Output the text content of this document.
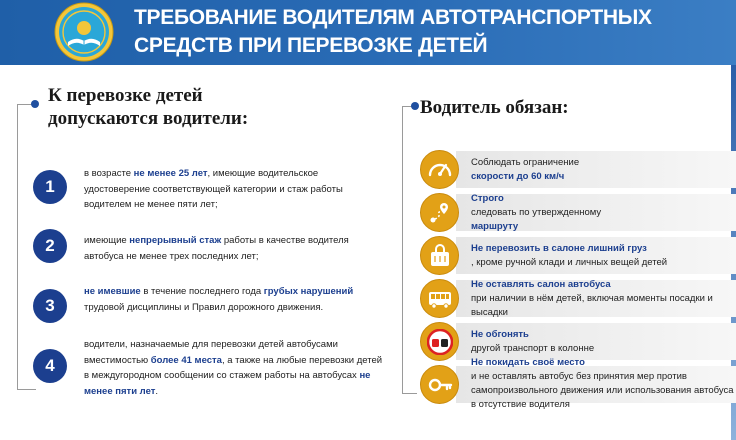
ТРЕБОВАНИЕ ВОДИТЕЛЯМ АВТОТРАНСПОРТНЫХ
СРЕДСТВ ПРИ ПЕРЕВОЗКЕ ДЕТЕЙ
К перевозке детей
допускаются водители:
1
в возрасте не менее 25 лет, имеющие водительское удостоверение соответствующей категории и стаж работы водителем не менее пяти лет;
2	имеющие непрерывный стаж работы в качестве водителя автобуса не менее трех последних лет;
3
не имевшие в течение последнего года грубых нарушений трудовой дисциплины и Правил дорожного движения.
4
водители, назначаемые для перевозки детей автобусами вместимостью более 41 места, а также на любые перевозки детей в междугородном сообщении со стажем работы на автобусах не менее пяти лет.
Водитель обязан:
Соблюдать ограничение
скорости до 60 км/ч
Строго
следовать по утвержденному
маршруту
Не перевозить в салоне лишний груз
, кроме ручной клади и личных вещей детей
Не оставлять салон автобуса
при наличии в нём детей, включая моменты посадки и высадки
Не обгонять
другой транспорт в колонне
Не покидать своё место
и не оставлять автобус без принятия мер против самопроизвольного движения или использования автобуса в отсутствие водителя
